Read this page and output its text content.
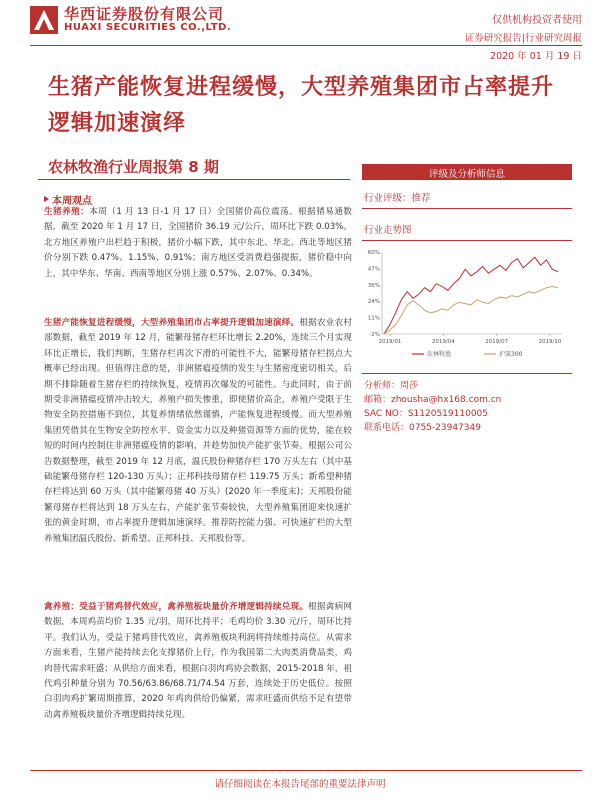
华西证券股份有限公司
HUAXI SECURITIES CO.,LTD.
仅供机构投资者使用
证券研究报告|行业研究周报
2020 年 01 月 19 日
生猪产能恢复进程缓慢，大型养殖集团市占率提升逻辑加速演绎
农林牧渔行业周报第 8 期
本周观点
生猪养殖：本周（1 月 13 日-1 月 17 日）全国猪价高位震荡。根据猪易通数据，截至 2020 年 1 月 17 日，全国猪价 36.19 元/公斤，周环比下跌 0.03%。北方地区养殖户出栏趋于积极，猪价小幅下跌，其中东北、华北、西北等地区猪价分别下跌 0.47%、1.15%、0.91%；南方地区受消费趋强提振，猪价稳中向上，其中华东、华南、西南等地区分别上涨 0.57%、2.07%、0.34%。
生猪产能恢复进程缓慢，大型养殖集团市占率提升逻辑加速演绎。根据农业农村部数据，截至 2019 年 12 月，能繁母猪存栏环比增长 2.20%，连续三个月实现环比正增长，我们判断，生猪存栏再次下滑的可能性不大，能繁母猪存栏拐点大概率已经出现。但值得注意的是，非洲猪瘟疫情的发生与生猪密度密切相关，后期不排除随着生猪存栏的持续恢复，疫情再次爆发的可能性。与此同时，由于前期受非洲猪瘟疫情冲击较大，养殖户损失惨重，即使猪价高企，养殖户受限于生物安全防控措施不到位，其复养情绪依然谨慎，产能恢复进程缓慢。而大型养殖集团凭借其在生物安全防控水平、资金实力以及种猪资源等方面的优势，能在较短的时间内控制住非洲猪瘟疫情的影响，并趁势加快产能扩张节奏。根据公司公告数据整理，截至 2019 年 12 月底，温氏股份种猪存栏 170 万头左右（其中基础能繁母猪存栏 120-130 万头）；正邦科技母猪存栏 119.75 万头；新希望种猪存栏将达到 60 万头（其中能繁母猪 40 万头）(2020 年一季度末)；天邦股份能繁母猪存栏将达到 18 万头左右，产能扩张节奏较快，大型养殖集团迎来快速扩张的黄金时期，市占率提升逻辑加速演绎。推荐防控能力强、可快速扩栏的大型养殖集团温氏股份、新希望、正邦科技、天邦股份等。
禽养殖：受益于猪鸡替代效应，禽养殖板块量价齐增逻辑持续兑现。根据禽病网数据，本周鸡苗均价 1.35 元/羽，周环比持平；毛鸡均价 3.30 元/斤，周环比持平。我们认为，受益于猪鸡替代效应，禽养殖板块利润将持续维持高位。从需求方面来看，生猪产能持续去化支撑猪价上行，作为我国第二大肉类消费品类，鸡肉替代需求旺盛；从供给方面来看，根据白羽肉鸡协会数据，2015-2018 年，祖代鸡引种量分别为 70.56/63.86/68.71/74.54 万套，连续处于历史低位。按照白羽肉鸡扩繁周期推算，2020 年鸡肉供给仍偏紧，需求旺盛而供给不足有望带动禽养殖板块量价齐增逻辑持续兑现。
评级及分析师信息
行业评级：推荐
行业走势图
-2%
11%
24%
36%
47%
60%
2019/01	2019/04	2019/07	2019/10
农林牧渔	沪深300
分析师：周莎
邮箱：zhousha@hx168.com.cn
SAC NO：S1120519110005
联系电话：0755-23947349
请仔细阅读在本报告尾部的重要法律声明
